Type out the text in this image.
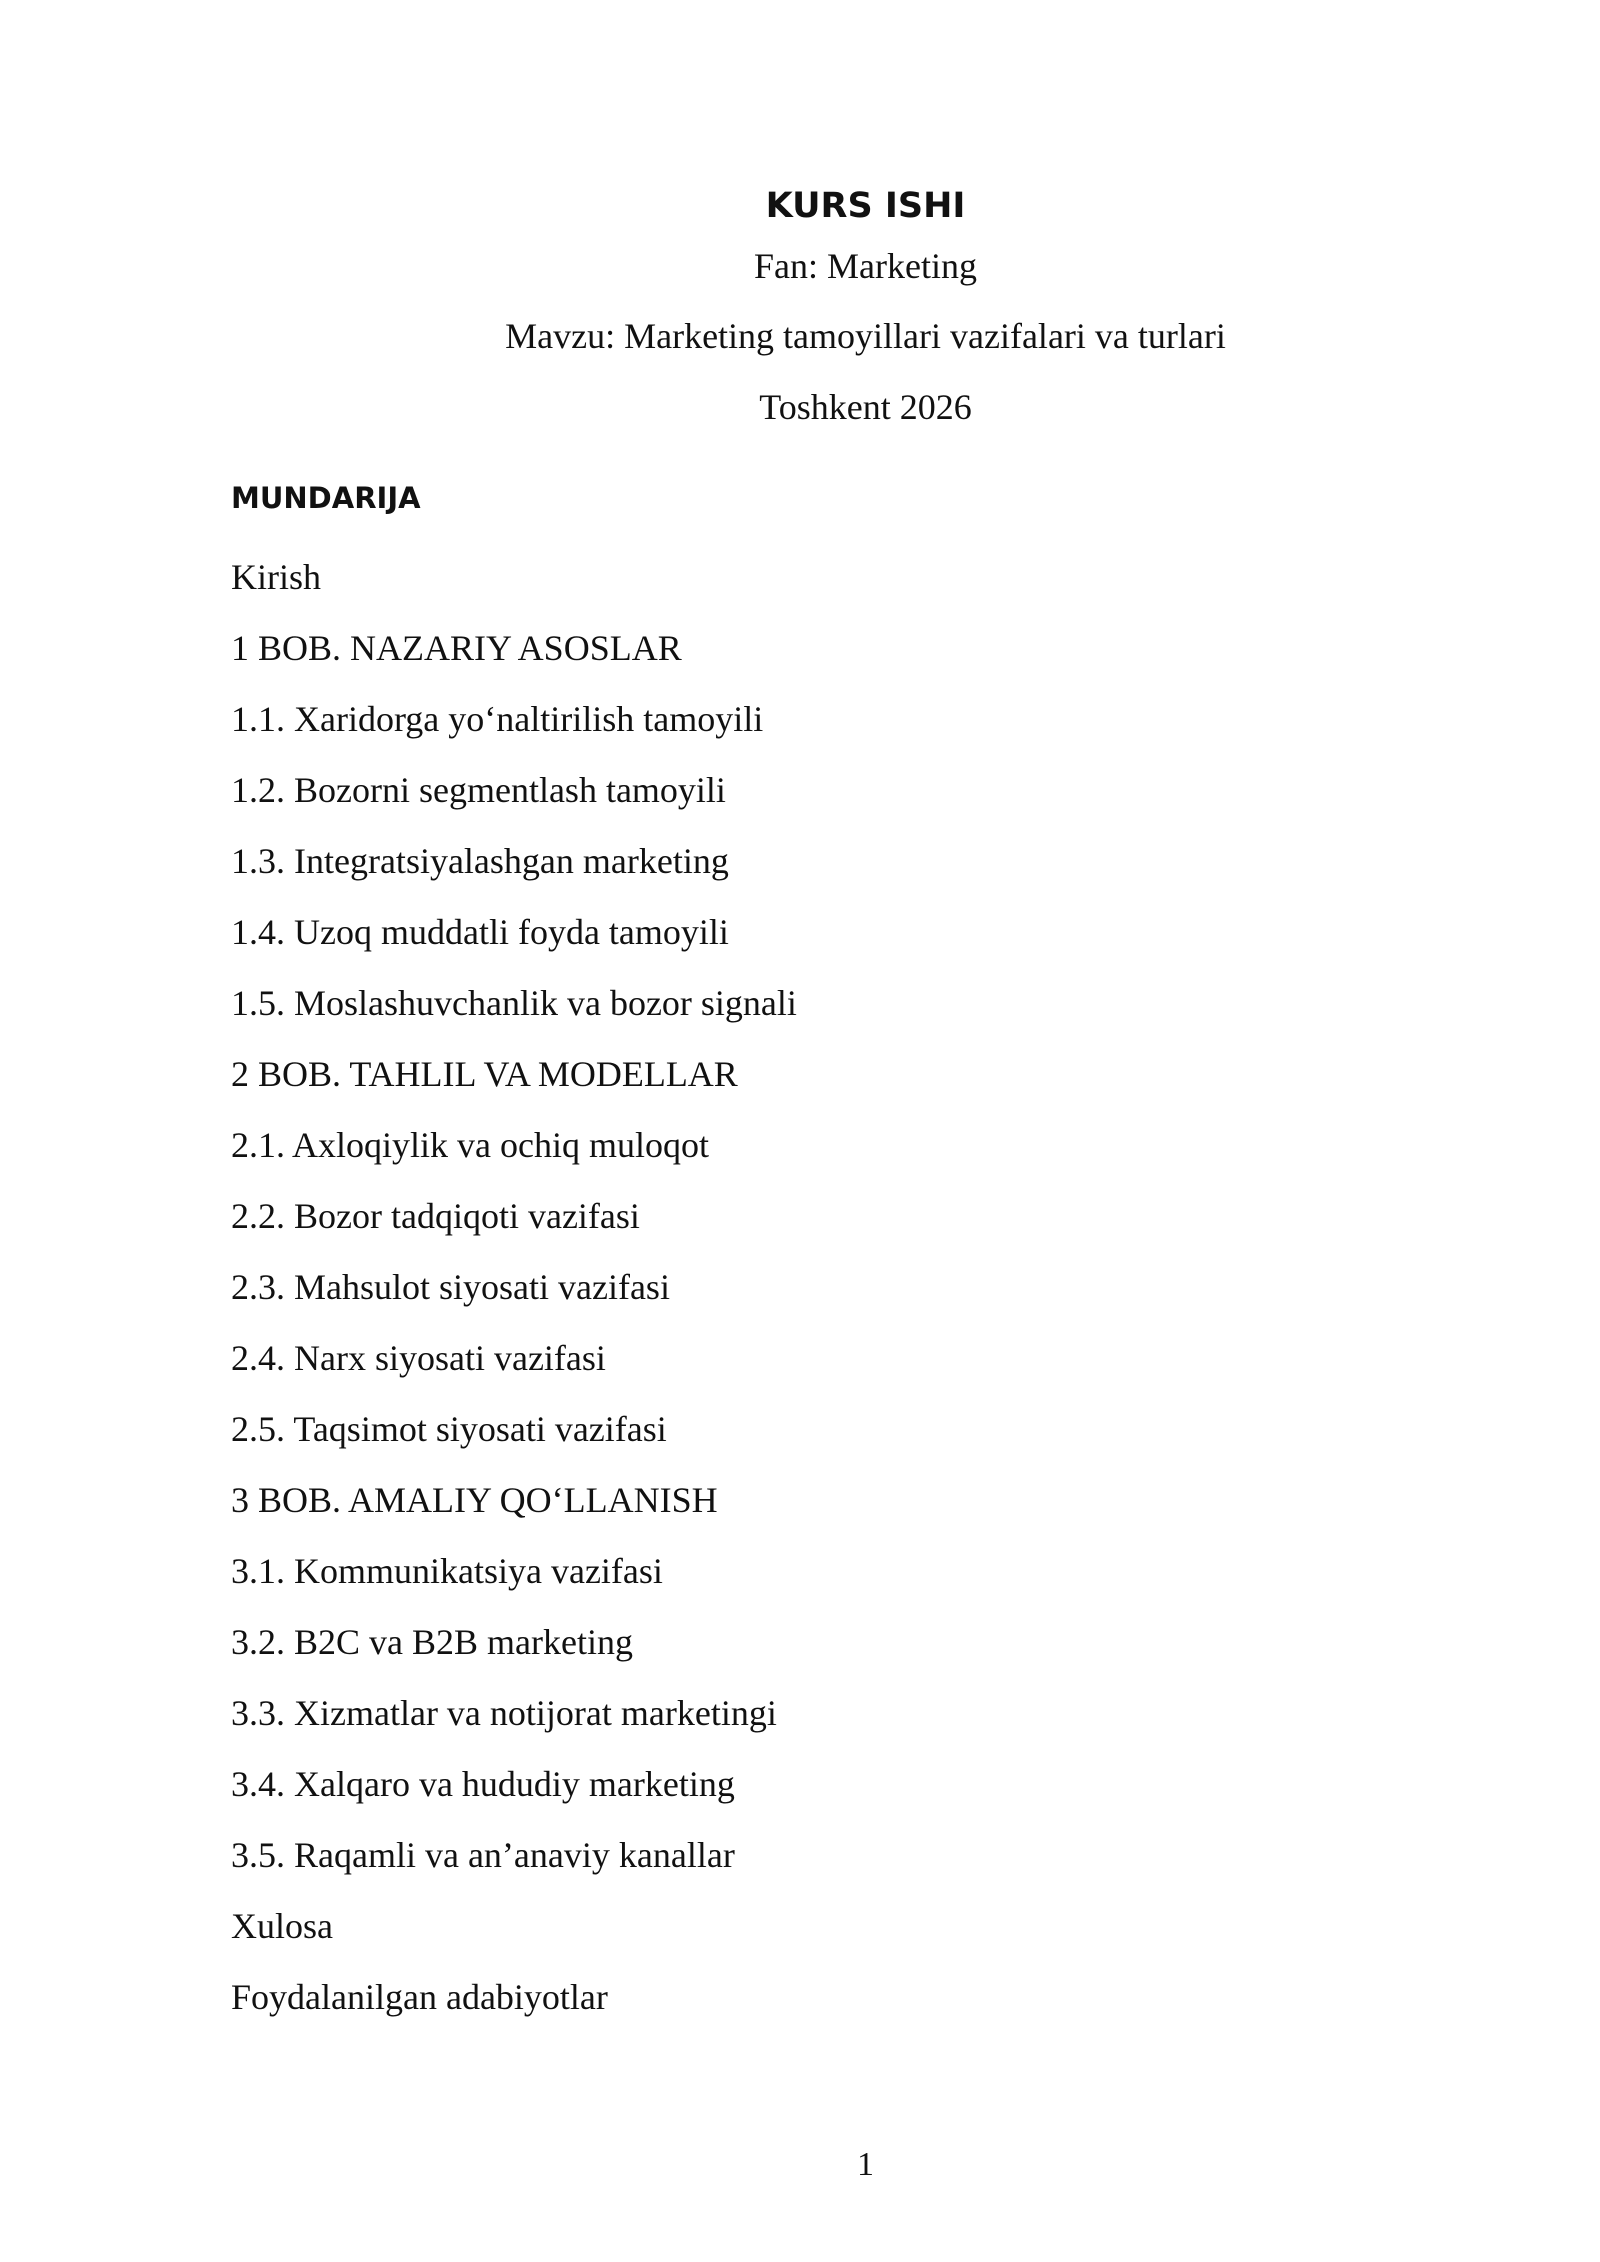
KURS ISHI

Fan: Marketing

Mavzu: Marketing tamoyillari vazifalari va turlari

Toshkent 2026

MUNDARIJA
Kirish
1 BOB. NAZARIY ASOSLAR
1.1. Xaridorga yo‘naltirilish tamoyili
1.2. Bozorni segmentlash tamoyili
1.3. Integratsiyalashgan marketing
1.4. Uzoq muddatli foyda tamoyili
1.5. Moslashuvchanlik va bozor signali
2 BOB. TAHLIL VA MODELLAR
2.1. Axloqiylik va ochiq muloqot
2.2. Bozor tadqiqoti vazifasi
2.3. Mahsulot siyosati vazifasi
2.4. Narx siyosati vazifasi
2.5. Taqsimot siyosati vazifasi
3 BOB. AMALIY QO‘LLANISH
3.1. Kommunikatsiya vazifasi
3.2. B2C va B2B marketing
3.3. Xizmatlar va notijorat marketingi
3.4. Xalqaro va hududiy marketing
3.5. Raqamli va an’anaviy kanallar
Xulosa
Foydalanilgan adabiyotlar

1
